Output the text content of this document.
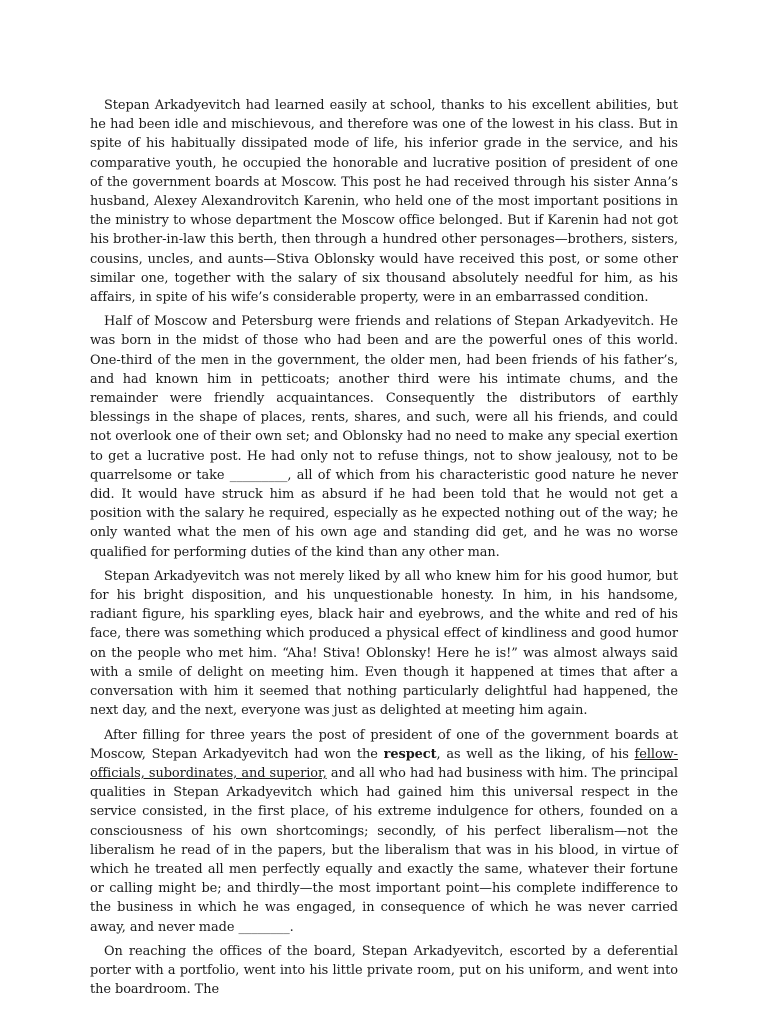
Stepan Arkadyevitch had learned easily at school, thanks to his excellent abilities, but he had been idle and mischievous, and therefore was one of the lowest in his class. But in spite of his habitually dissipated mode of life, his inferior grade in the service, and his comparative youth, he occupied the honorable and lucrative position of president of one of the government boards at Moscow. This post he had received through his sister Anna’s husband, Alexey Alexandrovitch Karenin, who held one of the most important positions in the ministry to whose department the Moscow office belonged. But if Karenin had not got his brother-in-law this berth, then through a hundred other personages—brothers, sisters, cousins, uncles, and aunts—Stiva Oblonsky would have received this post, or some other similar one, together with the salary of six thousand absolutely needful for him, as his affairs, in spite of his wife’s considerable property, were in an embarrassed condition.

Half of Moscow and Petersburg were friends and relations of Stepan Arkadyevitch. He was born in the midst of those who had been and are the powerful ones of this world. One-third of the men in the government, the older men, had been friends of his father’s, and had known him in petticoats; another third were his intimate chums, and the remainder were friendly acquaintances. Consequently the distributors of earthly blessings in the shape of places, rents, shares, and such, were all his friends, and could not overlook one of their own set; and Oblonsky had no need to make any special exertion to get a lucrative post. He had only not to refuse things, not to show jealousy, not to be quarrelsome or take _________, all of which from his characteristic good nature he never did. It would have struck him as absurd if he had been told that he would not get a position with the salary he required, especially as he expected nothing out of the way; he only wanted what the men of his own age and standing did get, and he was no worse qualified for performing duties of the kind than any other man.

Stepan Arkadyevitch was not merely liked by all who knew him for his good humor, but for his bright disposition, and his unquestionable honesty. In him, in his handsome, radiant figure, his sparkling eyes, black hair and eyebrows, and the white and red of his face, there was something which produced a physical effect of kindliness and good humor on the people who met him. “Aha! Stiva! Oblonsky! Here he is!” was almost always said with a smile of delight on meeting him. Even though it happened at times that after a conversation with him it seemed that nothing particularly delightful had happened, the next day, and the next, everyone was just as delighted at meeting him again.

After filling for three years the post of president of one of the government boards at Moscow, Stepan Arkadyevitch had won the respect, as well as the liking, of his fellow-officials, subordinates, and superior, and all who had had business with him. The principal qualities in Stepan Arkadyevitch which had gained him this universal respect in the service consisted, in the first place, of his extreme indulgence for others, founded on a consciousness of his own shortcomings; secondly, of his perfect liberalism—not the liberalism he read of in the papers, but the liberalism that was in his blood, in virtue of which he treated all men perfectly equally and exactly the same, whatever their fortune or calling might be; and thirdly—the most important point—his complete indifference to the business in which he was engaged, in consequence of which he was never carried away, and never made ________.

On reaching the offices of the board, Stepan Arkadyevitch, escorted by a deferential porter with a portfolio, went into his little private room, put on his uniform, and went into the boardroom. The
